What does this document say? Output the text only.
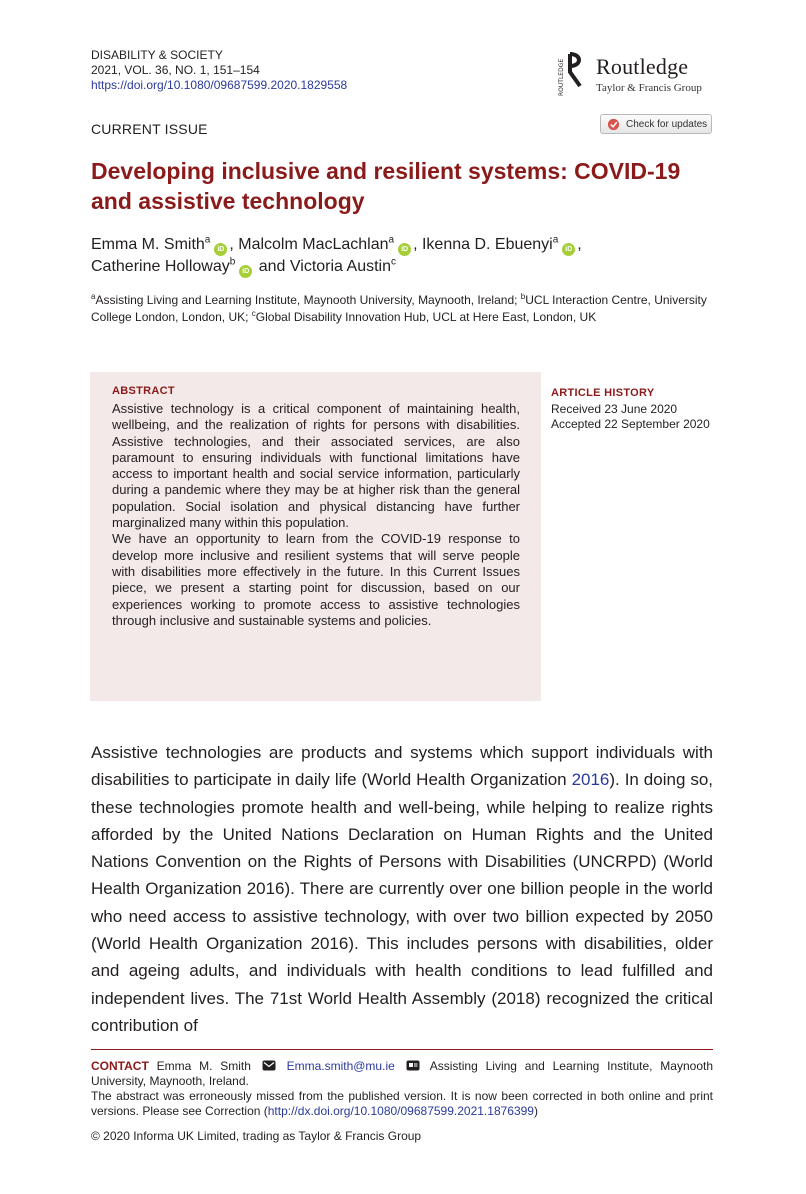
DISABILITY & SOCIETY
2021, VOL. 36, NO. 1, 151–154
https://doi.org/10.1080/09687599.2020.1829558	ROUTLEDGE Routledge
Taylor & Francis Group
CURRENT ISSUE	Check for updates
Developing inclusive and resilient systems: COVID-19 and assistive technology
Emma M. Smith$^a$iD , Malcolm MacLachlan$^a$iD , Ikenna D. Ebuenyi$^a$iD ,
Catherine Holloway$^b$iD and Victoria Austin$^c$
$^a$Assisting Living and Learning Institute, Maynooth University, Maynooth, Ireland; $^b$UCL Interaction Centre, University College London, London, UK; $^c$Global Disability Innovation Hub, UCL at Here East, London, UK
ABSTRACT

Assistive technology is a critical component of maintaining health, wellbeing, and the realization of rights for persons with disabilities. Assistive technologies, and their associated services, are also paramount to ensuring individuals with functional limitations have access to important health and social service information, particularly during a pandemic where they may be at higher risk than the general population. Social isolation and physical distancing have further marginalized many within this population.

We have an opportunity to learn from the COVID-19 response to develop more inclusive and resilient systems that will serve people with disabilities more effectively in the future. In this Current Issues piece, we present a starting point for discussion, based on our experiences working to promote access to assistive technologies through inclusive and sustainable systems and policies.

ARTICLE HISTORY
Received 23 June 2020
Accepted 22 September 2020
Assistive technologies are products and systems which support individuals with disabilities to participate in daily life (World Health Organization 2016). In doing so, these technologies promote health and well-being, while helping to realize rights afforded by the United Nations Declaration on Human Rights and the United Nations Convention on the Rights of Persons with Disabilities (UNCRPD) (World Health Organization 2016). There are currently over one billion people in the world who need access to assistive technology, with over two billion expected by 2050 (World Health Organization 2016). This includes persons with disabilities, older and ageing adults, and individuals with health conditions to lead fulfilled and independent lives. The 71st World Health Assembly (2018) recognized the critical contribution of

CONTACT Emma M. Smith	Emma.smith@mu.ie	Assisting Living and Learning Institute, Maynooth University, Maynooth, Ireland.

The abstract was erroneously missed from the published version. It is now been corrected in both online and print versions. Please see Correction (http://dx.doi.org/10.1080/09687599.2021.1876399)

© 2020 Informa UK Limited, trading as Taylor & Francis Group
